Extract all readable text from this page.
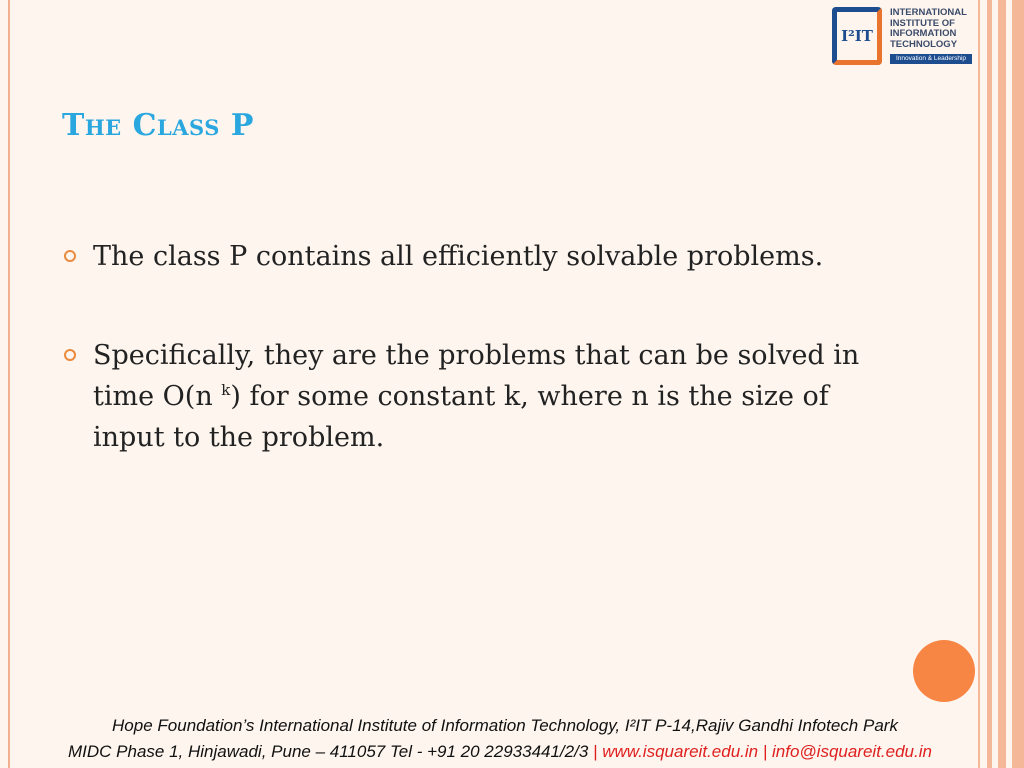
I²IT
INTERNATIONAL
INSTITUTE OF
INFORMATION
TECHNOLOGY
Innovation & Leadership
The Class P
The class P contains all efficiently solvable problems.
Specifically, they are the problems that can be solved in time O(n $^k$) for some constant k, where n is the size of input to the problem.
Hope Foundation’s International Institute of Information Technology, I²IT P-14,Rajiv Gandhi Infotech Park
MIDC Phase 1, Hinjawadi, Pune – 411057 Tel - +91 20 22933441/2/3 | www.isquareit.edu.in | info@isquareit.edu.in
